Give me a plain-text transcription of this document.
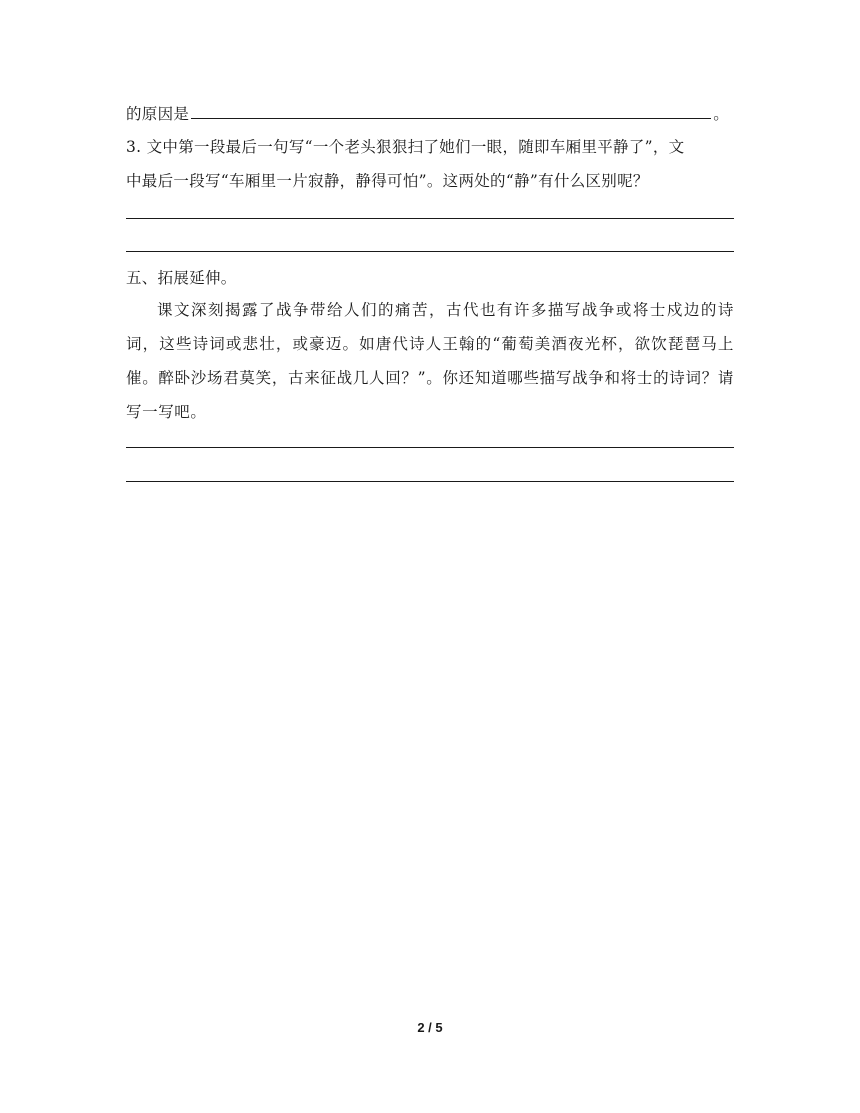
的原因是	。
3. 文中第一段最后一句写“一个老头狠狠扫了她们一眼，随即车厢里平静了”，文
中最后一段写“车厢里一片寂静，静得可怕”。这两处的“静”有什么区别呢？
五、拓展延伸。
课文深刻揭露了战争带给人们的痛苦，古代也有许多描写战争或将士戍边的诗词，这些诗词或悲壮，或豪迈。如唐代诗人王翰的“葡萄美酒夜光杯，欲饮琵琶马上催。醉卧沙场君莫笑，古来征战几人回？”。你还知道哪些描写战争和将士的诗词？请写一写吧。
2 / 5
